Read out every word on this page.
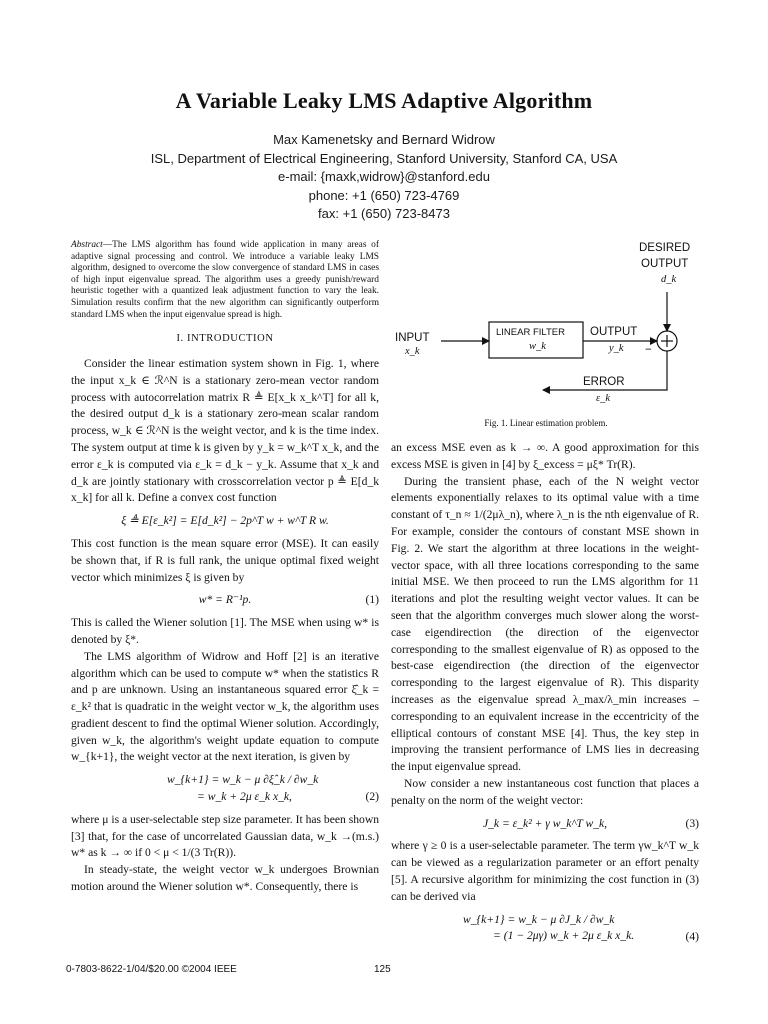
A Variable Leaky LMS Adaptive Algorithm
Max Kamenetsky and Bernard Widrow
ISL, Department of Electrical Engineering, Stanford University, Stanford CA, USA
e-mail: {maxk,widrow}@stanford.edu
phone: +1 (650) 723-4769
fax: +1 (650) 723-8473
Abstract—The LMS algorithm has found wide application in many areas of adaptive signal processing and control. We introduce a variable leaky LMS algorithm, designed to overcome the slow convergence of standard LMS in cases of high input eigenvalue spread. The algorithm uses a greedy punish/reward heuristic together with a quantized leak adjustment function to vary the leak. Simulation results confirm that the new algorithm can significantly outperform standard LMS when the input eigenvalue spread is high.
I. INTRODUCTION

Consider the linear estimation system shown in Fig. 1, where the input x_k ∈ ℛ^N is a stationary zero-mean vector random process with autocorrelation matrix R ≜ E[x_k x_k^T] for all k, the desired output d_k is a stationary zero-mean scalar random process, w_k ∈ ℛ^N is the weight vector, and k is the time index. The system output at time k is given by y_k = w_k^T x_k, and the error ε_k is computed via ε_k = d_k − y_k. Assume that x_k and d_k are jointly stationary with crosscorrelation vector p ≜ E[d_k x_k] for all k. Define a convex cost function

ξ ≜ E[ε_k²] = E[d_k²] − 2p^T w + w^T R w.

This cost function is the mean square error (MSE). It can easily be shown that, if R is full rank, the unique optimal fixed weight vector which minimizes ξ is given by

w* = R⁻¹p.	(1)

This is called the Wiener solution [1]. The MSE when using w* is denoted by ξ*.

The LMS algorithm of Widrow and Hoff [2] is an iterative algorithm which can be used to compute w* when the statistics R and p are unknown. Using an instantaneous squared error ξ̂_k = ε_k² that is quadratic in the weight vector w_k, the algorithm uses gradient descent to find the optimal Wiener solution. Accordingly, given w_k, the algorithm's weight update equation to compute w_{k+1}, the weight vector at the next iteration, is given by

w_{k+1} = w_k − μ ∂ξ̂_k / ∂w_k
= w_k + 2μ ε_k x_k,	(2)

where μ is a user-selectable step size parameter. It has been shown [3] that, for the case of uncorrelated Gaussian data, w_k →(m.s.) w* as k → ∞ if 0 < μ < 1/(3 Tr(R)).

In steady-state, the weight vector w_k undergoes Brownian motion around the Wiener solution w*. Consequently, there is

DESIRED
OUTPUT
d_k
INPUT
x_k
LINEAR FILTER
w_k
OUTPUT
y_k −
ERROR
ε_k
Fig. 1. Linear estimation problem.

an excess MSE even as k → ∞. A good approximation for this excess MSE is given in [4] by ξ_excess = μξ* Tr(R).

During the transient phase, each of the N weight vector elements exponentially relaxes to its optimal value with a time constant of τ_n ≈ 1/(2μλ_n), where λ_n is the nth eigenvalue of R. For example, consider the contours of constant MSE shown in Fig. 2. We start the algorithm at three locations in the weight-vector space, with all three locations corresponding to the same initial MSE. We then proceed to run the LMS algorithm for 11 iterations and plot the resulting weight vector values. It can be seen that the algorithm converges much slower along the worst-case eigendirection (the direction of the eigenvector corresponding to the smallest eigenvalue of R) as opposed to the best-case eigendirection (the direction of the eigenvector corresponding to the largest eigenvalue of R). This disparity increases as the eigenvalue spread λ_max/λ_min increases – corresponding to an equivalent increase in the eccentricity of the elliptical contours of constant MSE [4]. Thus, the key step in improving the transient performance of LMS lies in decreasing the input eigenvalue spread.

Now consider a new instantaneous cost function that places a penalty on the norm of the weight vector:

J_k = ε_k² + γ w_k^T w_k,	(3)

where γ ≥ 0 is a user-selectable parameter. The term γw_k^T w_k can be viewed as a regularization parameter or an effort penalty [5]. A recursive algorithm for minimizing the cost function in (3) can be derived via

w_{k+1} = w_k − μ ∂J_k / ∂w_k
= (1 − 2μγ) w_k + 2μ ε_k x_k.	(4)
0-7803-8622-1/04/$20.00 ©2004 IEEE	125
